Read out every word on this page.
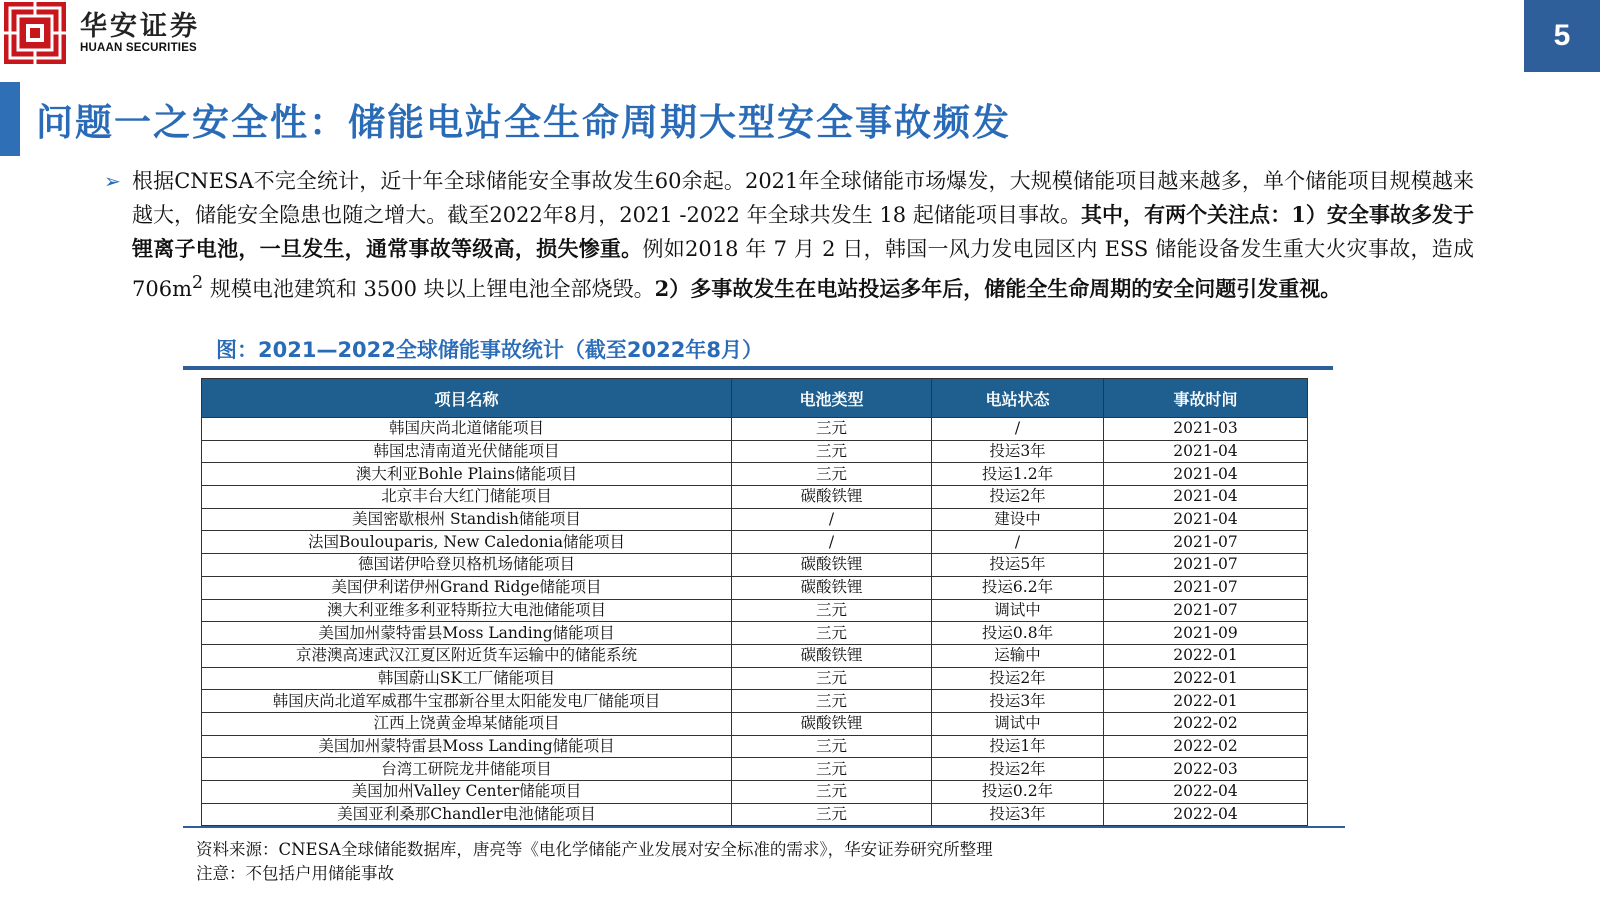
华安证券
HUAAN SECURITIES	5
问题一之安全性：储能电站全生命周期大型安全事故频发
➢ 根据CNESA不完全统计，近十年全球储能安全事故发生60余起。2021年全球储能市场爆发，大规模储能项目越来越多，单个储能项目规模越来越大，储能安全隐患也随之增大。截至2022年8月，2021 -2022 年全球共发生 18 起储能项目事故。其中，有两个关注点：1）安全事故多发于锂离子电池，一旦发生，通常事故等级高，损失惨重。例如2018 年 7 月 2 日，韩国一风力发电园区内 ESS 储能设备发生重大火灾事故，造成 $706m^2$ 规模电池建筑和 3500 块以上锂电池全部烧毁。2）多事故发生在电站投运多年后，储能全生命周期的安全问题引发重视。
图：2021—2022全球储能事故统计（截至2022年8月）
项目名称	电池类型	电站状态	事故时间
韩国庆尚北道储能项目	三元	/	2021-03
韩国忠清南道光伏储能项目	三元	投运3年	2021-04
澳大利亚Bohle Plains储能项目	三元	投运1.2年	2021-04
北京丰台大红门储能项目	碳酸铁锂	投运2年	2021-04
美国密歇根州 Standish储能项目	/	建设中	2021-04
法国Boulouparis, New Caledonia储能项目	/	/	2021-07
德国诺伊哈登贝格机场储能项目	碳酸铁锂	投运5年	2021-07
美国伊利诺伊州Grand Ridge储能项目	碳酸铁锂	投运6.2年	2021-07
澳大利亚维多利亚特斯拉大电池储能项目	三元	调试中	2021-07
美国加州蒙特雷县Moss Landing储能项目	三元	投运0.8年	2021-09
京港澳高速武汉江夏区附近货车运输中的储能系统	碳酸铁锂	运输中	2022-01
韩国蔚山SK工厂储能项目	三元	投运2年	2022-01
韩国庆尚北道军威郡牛宝郡新谷里太阳能发电厂储能项目	三元	投运3年	2022-01
江西上饶黄金埠某储能项目	碳酸铁锂	调试中	2022-02
美国加州蒙特雷县Moss Landing储能项目	三元	投运1年	2022-02
台湾工研院龙井储能项目	三元	投运2年	2022-03
美国加州Valley Center储能项目	三元	投运0.2年	2022-04
美国亚利桑那Chandler电池储能项目	三元	投运3年	2022-04
资料来源：CNESA全球储能数据库，唐亮等《电化学储能产业发展对安全标准的需求》，华安证券研究所整理
注意：不包括户用储能事故
